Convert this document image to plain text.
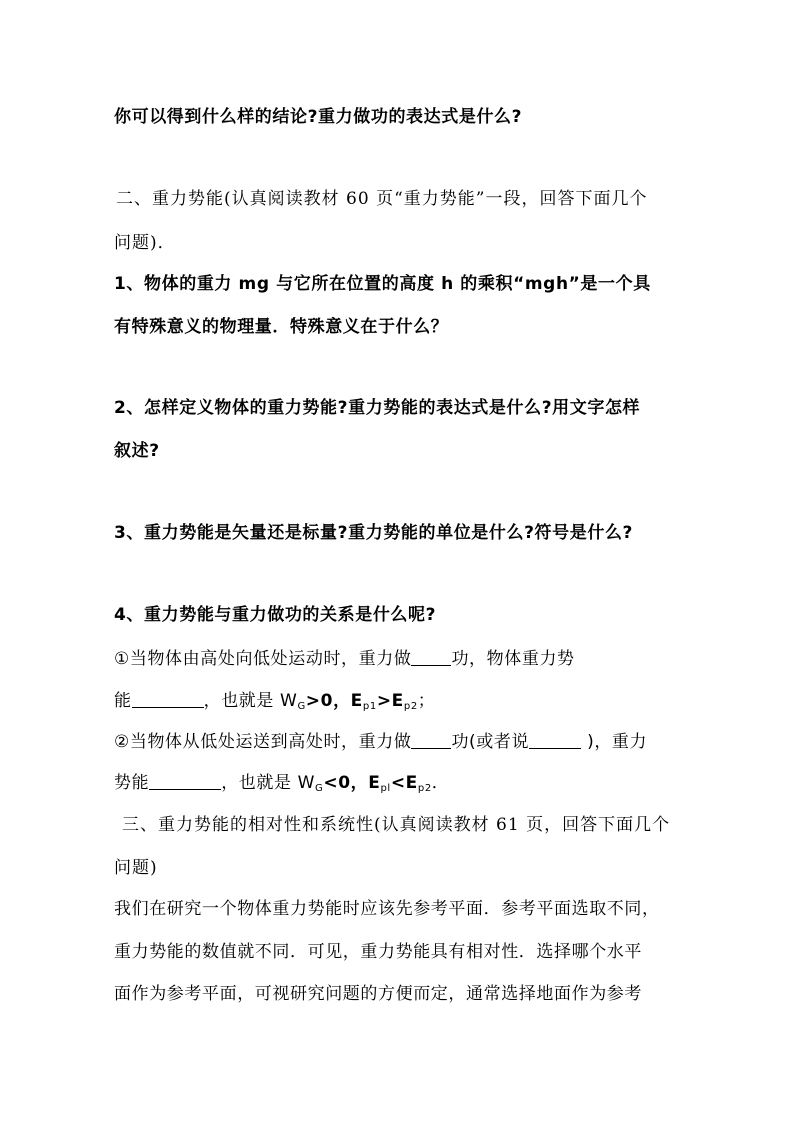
你可以得到什么样的结论?重力做功的表达式是什么?
二、重力势能(认真阅读教材 60 页“重力势能”一段，回答下面几个
问题)．
1、物体的重力 mg 与它所在位置的高度 h 的乘积“mgh”是一个具
有特殊意义的物理量．特殊意义在于什么？
2、怎样定义物体的重力势能?重力势能的表达式是什么?用文字怎样
叙述?
3、重力势能是矢量还是标量?重力势能的单位是什么?符号是什么?
4、重力势能与重力做功的关系是什么呢?
①当物体由高处向低处运动时，重力做 功，物体重力势
能	，也就是 $W_G>0$，$E_{p1}>E_{p2}$；
②当物体从低处运送到高处时，重力做 功(或者说	)，重力
势能	，也就是 $W_G<0$，$E_{pl}<E_{p2}$．
三、重力势能的相对性和系统性(认真阅读教材 61 页，回答下面几个
问题)
我们在研究一个物体重力势能时应该先参考平面．参考平面选取不同，
重力势能的数值就不同．可见，重力势能具有相对性．选择哪个水平
面作为参考平面，可视研究问题的方便而定，通常选择地面作为参考
